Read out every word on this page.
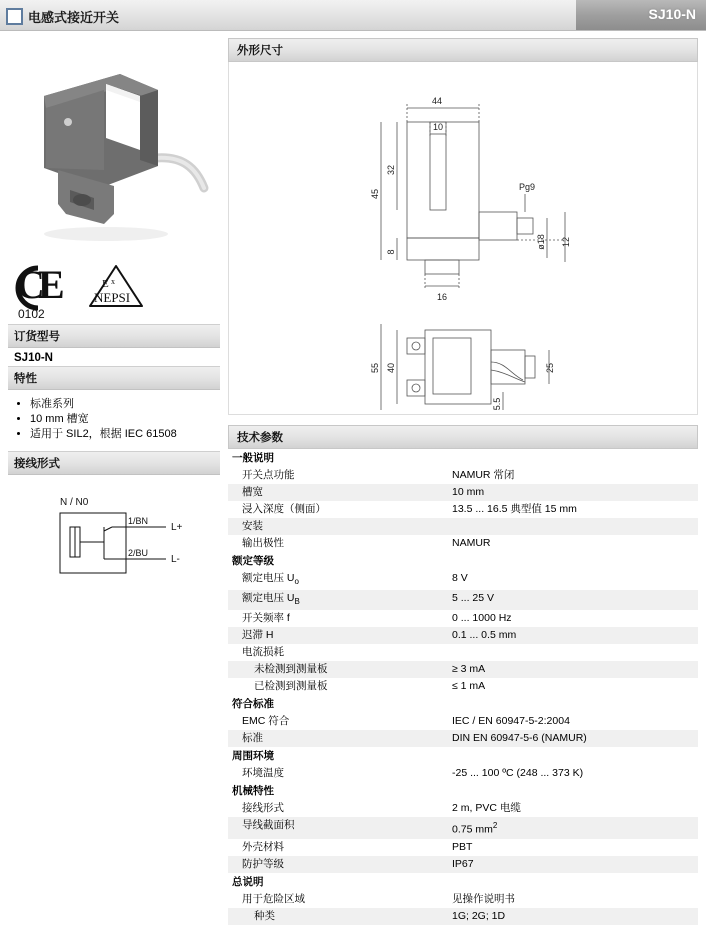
电感式接近开关	SJ10-N
C
E
0102
E x
NEPSI
订货型号
SJ10-N
特性
• 标准系列
• 10 mm 槽宽
• 适用于 SIL2，根据 IEC 61508
接线形式
N / N0
1/BN
2/BU
L+
L-
外形尺寸
44
10
32
45
8
16
Pg9
ø18 12
55 40	25
5.5
技术参数
一般说明	
开关点功能	NAMUR 常闭
槽宽	10 mm
浸入深度（侧面）	13.5 ... 16.5 典型值 15 mm
安装	
输出极性	NAMUR
额定等级	
额定电压 $U_o$	8 V
额定电压 $U_B$	5 ... 25 V
开关频率 f	0 ... 1000 Hz
迟滞 H	0.1 ... 0.5 mm
电流损耗	
未检测到测量板	≥ 3 mA
已检测到测量板	≤ 1 mA
符合标准	
EMC 符合	IEC / EN 60947-5-2:2004
标准	DIN EN 60947-5-6 (NAMUR)
周围环境	
环境温度	-25 ... 100 ºC (248 ... 373 K)
机械特性	
接线形式	2 m, PVC 电缆
导线截面积	0.75 $mm^2$
外壳材料	PBT
防护等级	IP67
总说明	
用于危险区域	见操作说明书
种类	1G; 2G; 1D
